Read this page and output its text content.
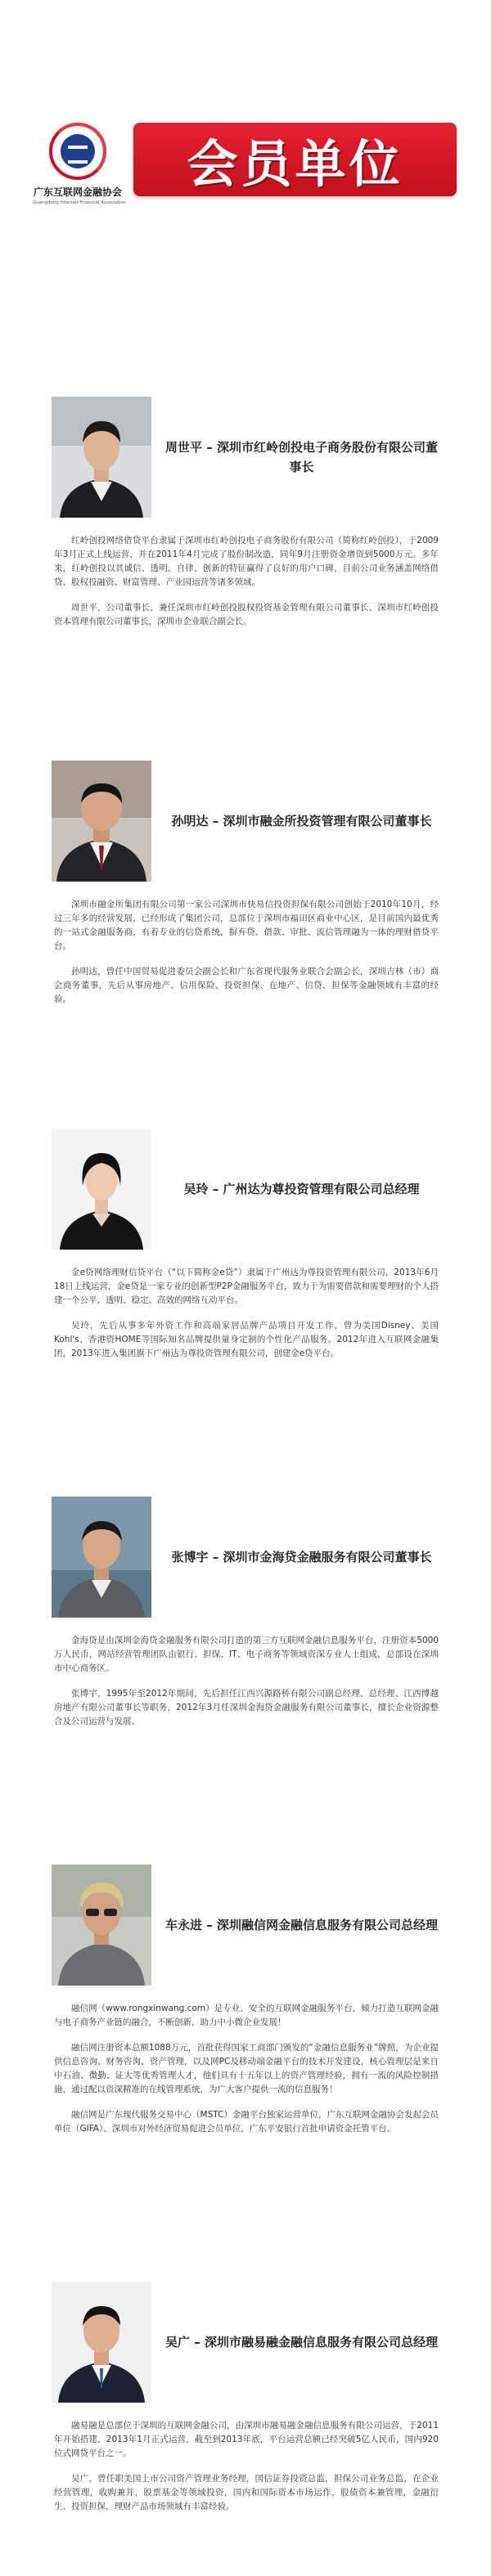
广东互联网金融协会
Guangdong Internet Financial Association
会员单位
周世平 – 深圳市红岭创投电子商务股份有限公司董事长

红岭创投网络借贷平台隶属于深圳市红岭创投电子商务股份有限公司（简称红岭创投），于2009年3月正式上线运营，并在2011年4月完成了股份制改造，同年9月注册资金增资到5000万元。多年来，红岭创投以其诚信、透明、自律、创新的特征赢得了良好的用户口碑，目前公司业务涵盖网络借贷、股权投融资、财富管理、产业园运营等诸多领域。

周世平，公司董事长，兼任深圳市红岭创投股权投资基金管理有限公司董事长、深圳市红岭创投资本管理有限公司董事长，深圳市企业联合副会长。

孙明达 – 深圳市融金所投资管理有限公司董事长

深圳市融金所集团有限公司第一家公司深圳市快易信投资担保有限公司创始于2010年10月，经过三年多的经营发展，已经形成了集团公司，总部位于深圳市福田区商业中心区，是目前国内最优秀的一站式金融服务商，有着专业的信贷系统，摒弃贷、借款、审批、流信管理融为一体的理财借贷平台。

孙明达，曾任中国贸易促进委员会副会长和广东省现代服务业联合会副会长，深圳吉林（市）商会商务董事，先后从事房地产、信用保险、投资担保、在地产、信贷、担保等金融领域有丰富的经验。

吴玲 – 广州达为尊投资管理有限公司总经理

金e贷网络理财信贷平台（“以下简称金e贷”）隶属于广州达为尊投资管理有限公司，2013年6月18日上线运营，金e贷是一家专业的创新型P2P金融服务平台，致力于为需要借款和需要理财的个人搭建一个公平、透明、稳定、高效的网络互动平台。

吴玲，先后从事多年外资工作和高端家居品牌产品项目开发工作，曾为美国Disney、美国Kohl's、香港资HOME等国际知名品牌提供量身定制的个性化产品服务。2012年进入互联网金融集团，2013年进入集团旗下广州达为尊投资管理有限公司，创建金e贷平台。

张博宇 – 深圳市金海贷金融服务有限公司董事长

金海贷是由深圳金海贷金融服务有限公司打造的第三方互联网金融信息服务平台，注册资本5000万人民币，网站经营管理团队由银行、担保、IT、电子商务等领域资深专业人士组成，总部设在深圳市中心商务区。

张博宇，1995年至2012年期间，先后担任江西兴源路桥有限公司副总经理、总经理、江西博越房地产有限公司董事长等职务，2012年3月任深圳金海贷金融服务有限公司董事长，擅长企业资源整合及公司运营与发展。

车永进 – 深圳融信网金融信息服务有限公司总经理

融信网（www.rongxinwang.com）是专业、安全的互联网金融服务平台，倾力打造互联网金融与电子商务产业链的融合，不断创新，助力中小微企业发展！

融信网注册资本总额1088万元，首批获得国家工商部门颁发的“金融信息服务业”牌照，为企业提供信息咨询、财务咨询、资产管理，以及网PC及移动端金融平台的技术开发建设，核心管理层是来自中石油、微勤、证大等优秀管理人才，他们具有十五年以上的资产管理经验，拥有一流的风险控制措施，通过配以资深精准的在线管理系统，为广大客户提供一流的信息服务！

融信网是广东现代服务交易中心（MSTC）金融平台独家运营单位，广东互联网金融协会发起会员单位（GIFA）、深圳市对外经济贸易促进会员单位，广东平安银行首批申请资金托管平台。

吴广 – 深圳市融易融金融信息服务有限公司总经理

融易融是总部位于深圳的互联网金融公司，由深圳市融易融金融信息服务有限公司运营，于2011年开始搭建，2013年1月正式运营，截至到2013年底，平台运营总额已经突破5亿人民币，国内920位式网贷平台之一。

吴广，曾任职美国上市公司资产管理业务经理，国信证券投资总监，担保公司业务总监，在企业经营管理，收购兼并，股票基金等领域投资，国内和国际资本市场运作，股债资本兼管理，金融衍生、投资担保，理财产品市场领域有丰富经验。
